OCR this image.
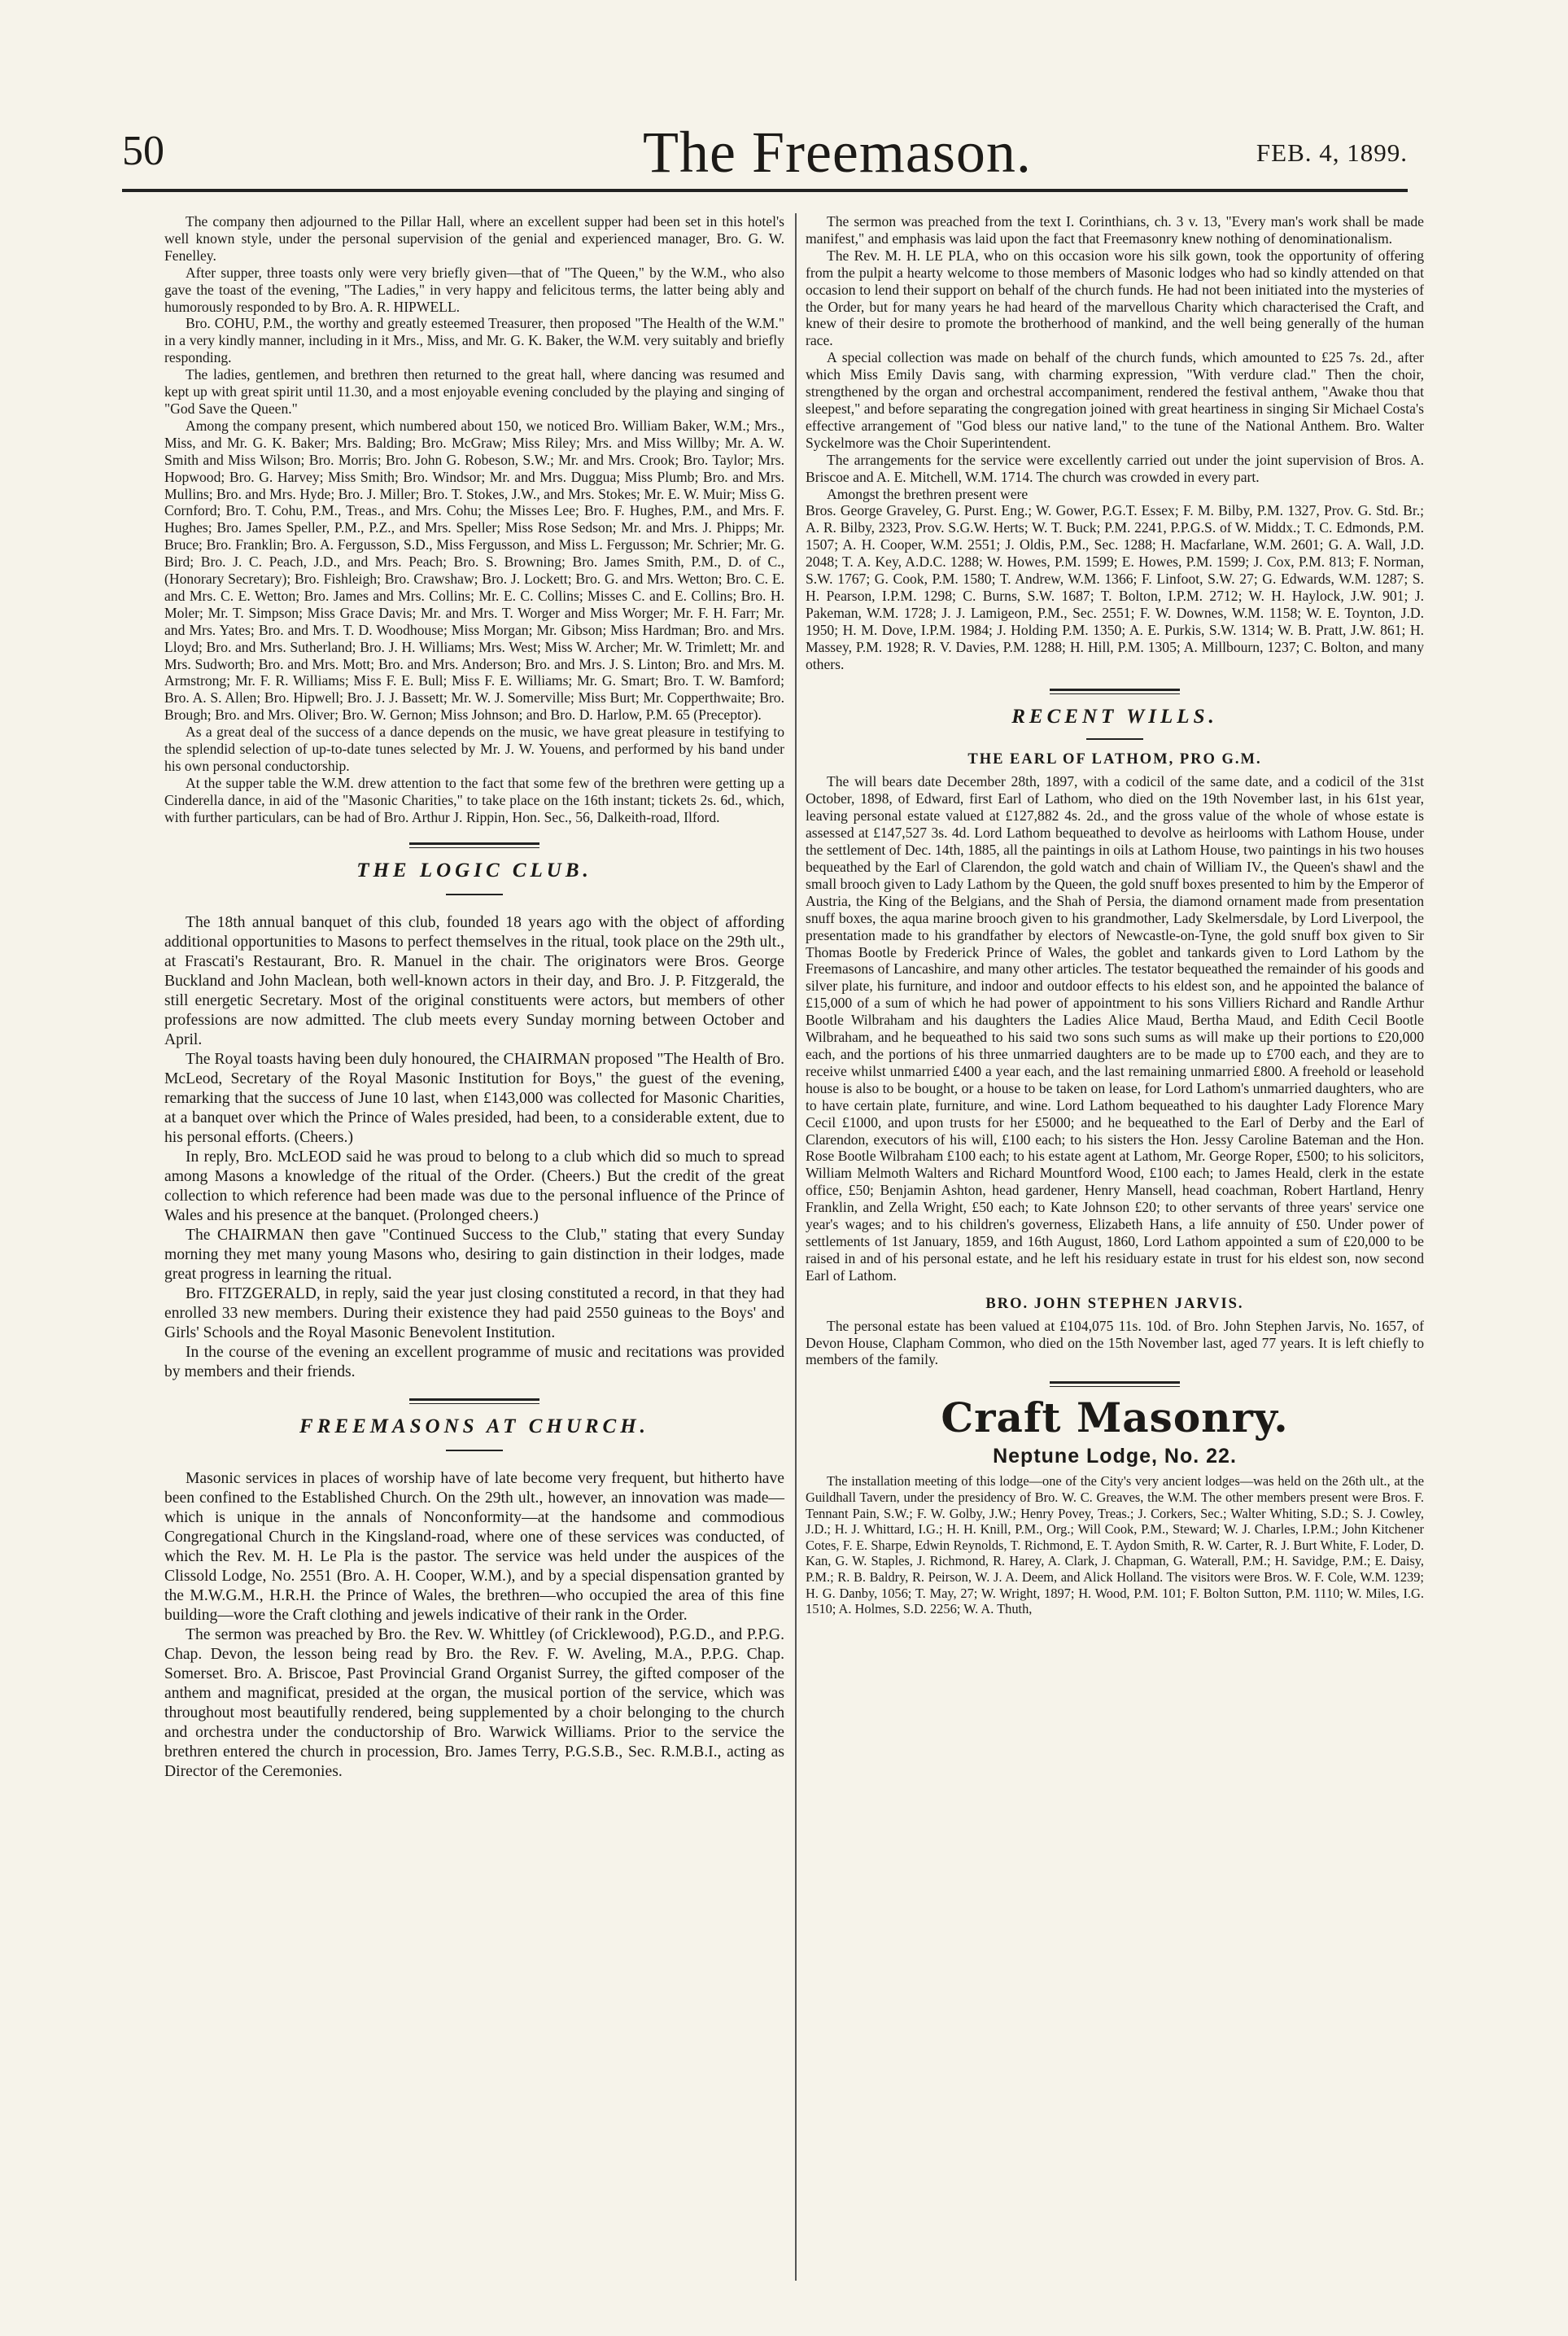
50	The Freemason.	FEB. 4, 1899.

The company then adjourned to the Pillar Hall, where an excellent supper had been set in this hotel's well known style, under the personal supervision of the genial and experienced manager, Bro. G. W. Fenelley.

After supper, three toasts only were very briefly given—that of "The Queen," by the W.M., who also gave the toast of the evening, "The Ladies," in very happy and felicitous terms, the latter being ably and humorously responded to by Bro. A. R. HIPWELL.

Bro. COHU, P.M., the worthy and greatly esteemed Treasurer, then proposed "The Health of the W.M." in a very kindly manner, including in it Mrs., Miss, and Mr. G. K. Baker, the W.M. very suitably and briefly responding.

The ladies, gentlemen, and brethren then returned to the great hall, where dancing was resumed and kept up with great spirit until 11.30, and a most enjoyable evening concluded by the playing and singing of "God Save the Queen."

Among the company present, which numbered about 150, we noticed Bro. William Baker, W.M.; Mrs., Miss, and Mr. G. K. Baker; Mrs. Balding; Bro. McGraw; Miss Riley; Mrs. and Miss Willby; Mr. A. W. Smith and Miss Wilson; Bro. Morris; Bro. John G. Robeson, S.W.; Mr. and Mrs. Crook; Bro. Taylor; Mrs. Hopwood; Bro. G. Harvey; Miss Smith; Bro. Windsor; Mr. and Mrs. Duggua; Miss Plumb; Bro. and Mrs. Mullins; Bro. and Mrs. Hyde; Bro. J. Miller; Bro. T. Stokes, J.W., and Mrs. Stokes; Mr. E. W. Muir; Miss G. Cornford; Bro. T. Cohu, P.M., Treas., and Mrs. Cohu; the Misses Lee; Bro. F. Hughes, P.M., and Mrs. F. Hughes; Bro. James Speller, P.M., P.Z., and Mrs. Speller; Miss Rose Sedson; Mr. and Mrs. J. Phipps; Mr. Bruce; Bro. Franklin; Bro. A. Fergusson, S.D., Miss Fergusson, and Miss L. Fergusson; Mr. Schrier; Mr. G. Bird; Bro. J. C. Peach, J.D., and Mrs. Peach; Bro. S. Browning; Bro. James Smith, P.M., D. of C., (Honorary Secretary); Bro. Fishleigh; Bro. Crawshaw; Bro. J. Lockett; Bro. G. and Mrs. Wetton; Bro. C. E. and Mrs. C. E. Wetton; Bro. James and Mrs. Collins; Mr. E. C. Collins; Misses C. and E. Collins; Bro. H. Moler; Mr. T. Simpson; Miss Grace Davis; Mr. and Mrs. T. Worger and Miss Worger; Mr. F. H. Farr; Mr. and Mrs. Yates; Bro. and Mrs. T. D. Woodhouse; Miss Morgan; Mr. Gibson; Miss Hardman; Bro. and Mrs. Lloyd; Bro. and Mrs. Sutherland; Bro. J. H. Williams; Mrs. West; Miss W. Archer; Mr. W. Trimlett; Mr. and Mrs. Sudworth; Bro. and Mrs. Mott; Bro. and Mrs. Anderson; Bro. and Mrs. J. S. Linton; Bro. and Mrs. M. Armstrong; Mr. F. R. Williams; Miss F. E. Bull; Miss F. E. Williams; Mr. G. Smart; Bro. T. W. Bamford; Bro. A. S. Allen; Bro. Hipwell; Bro. J. J. Bassett; Mr. W. J. Somerville; Miss Burt; Mr. Copperthwaite; Bro. Brough; Bro. and Mrs. Oliver; Bro. W. Gernon; Miss Johnson; and Bro. D. Harlow, P.M. 65 (Preceptor).

As a great deal of the success of a dance depends on the music, we have great pleasure in testifying to the splendid selection of up-to-date tunes selected by Mr. J. W. Youens, and performed by his band under his own personal conductorship.

At the supper table the W.M. drew attention to the fact that some few of the brethren were getting up a Cinderella dance, in aid of the "Masonic Charities," to take place on the 16th instant; tickets 2s. 6d., which, with further particulars, can be had of Bro. Arthur J. Rippin, Hon. Sec., 56, Dalkeith-road, Ilford.

THE LOGIC CLUB.

The 18th annual banquet of this club, founded 18 years ago with the object of affording additional opportunities to Masons to perfect themselves in the ritual, took place on the 29th ult., at Frascati's Restaurant, Bro. R. Manuel in the chair. The originators were Bros. George Buckland and John Maclean, both well-known actors in their day, and Bro. J. P. Fitzgerald, the still energetic Secretary. Most of the original constituents were actors, but members of other professions are now admitted. The club meets every Sunday morning between October and April.

The Royal toasts having been duly honoured, the CHAIRMAN proposed "The Health of Bro. McLeod, Secretary of the Royal Masonic Institution for Boys," the guest of the evening, remarking that the success of June 10 last, when £143,000 was collected for Masonic Charities, at a banquet over which the Prince of Wales presided, had been, to a considerable extent, due to his personal efforts. (Cheers.)

In reply, Bro. McLEOD said he was proud to belong to a club which did so much to spread among Masons a knowledge of the ritual of the Order. (Cheers.) But the credit of the great collection to which reference had been made was due to the personal influence of the Prince of Wales and his presence at the banquet. (Prolonged cheers.)

The CHAIRMAN then gave "Continued Success to the Club," stating that every Sunday morning they met many young Masons who, desiring to gain distinction in their lodges, made great progress in learning the ritual.

Bro. FITZGERALD, in reply, said the year just closing constituted a record, in that they had enrolled 33 new members. During their existence they had paid 2550 guineas to the Boys' and Girls' Schools and the Royal Masonic Benevolent Institution.

In the course of the evening an excellent programme of music and recitations was provided by members and their friends.

FREEMASONS AT CHURCH.

Masonic services in places of worship have of late become very frequent, but hitherto have been confined to the Established Church. On the 29th ult., however, an innovation was made—which is unique in the annals of Nonconformity—at the handsome and commodious Congregational Church in the Kingsland-road, where one of these services was conducted, of which the Rev. M. H. Le Pla is the pastor. The service was held under the auspices of the Clissold Lodge, No. 2551 (Bro. A. H. Cooper, W.M.), and by a special dispensation granted by the M.W.G.M., H.R.H. the Prince of Wales, the brethren—who occupied the area of this fine building—wore the Craft clothing and jewels indicative of their rank in the Order.

The sermon was preached by Bro. the Rev. W. Whittley (of Cricklewood), P.G.D., and P.P.G. Chap. Devon, the lesson being read by Bro. the Rev. F. W. Aveling, M.A., P.P.G. Chap. Somerset. Bro. A. Briscoe, Past Provincial Grand Organist Surrey, the gifted composer of the anthem and magnificat, presided at the organ, the musical portion of the service, which was throughout most beautifully rendered, being supplemented by a choir belonging to the church and orchestra under the conductorship of Bro. Warwick Williams. Prior to the service the brethren entered the church in procession, Bro. James Terry, P.G.S.B., Sec. R.M.B.I., acting as Director of the Ceremonies.

The sermon was preached from the text I. Corinthians, ch. 3 v. 13, "Every man's work shall be made manifest," and emphasis was laid upon the fact that Freemasonry knew nothing of denominationalism.

The Rev. M. H. LE PLA, who on this occasion wore his silk gown, took the opportunity of offering from the pulpit a hearty welcome to those members of Masonic lodges who had so kindly attended on that occasion to lend their support on behalf of the church funds. He had not been initiated into the mysteries of the Order, but for many years he had heard of the marvellous Charity which characterised the Craft, and knew of their desire to promote the brotherhood of mankind, and the well being generally of the human race.

A special collection was made on behalf of the church funds, which amounted to £25 7s. 2d., after which Miss Emily Davis sang, with charming expression, "With verdure clad." Then the choir, strengthened by the organ and orchestral accompaniment, rendered the festival anthem, "Awake thou that sleepest," and before separating the congregation joined with great heartiness in singing Sir Michael Costa's effective arrangement of "God bless our native land," to the tune of the National Anthem. Bro. Walter Syckelmore was the Choir Superintendent.

The arrangements for the service were excellently carried out under the joint supervision of Bros. A. Briscoe and A. E. Mitchell, W.M. 1714. The church was crowded in every part.

Amongst the brethren present were

Bros. George Graveley, G. Purst. Eng.; W. Gower, P.G.T. Essex; F. M. Bilby, P.M. 1327, Prov. G. Std. Br.; A. R. Bilby, 2323, Prov. S.G.W. Herts; W. T. Buck; P.M. 2241, P.P.G.S. of W. Middx.; T. C. Edmonds, P.M. 1507; A. H. Cooper, W.M. 2551; J. Oldis, P.M., Sec. 1288; H. Macfarlane, W.M. 2601; G. A. Wall, J.D. 2048; T. A. Key, A.D.C. 1288; W. Howes, P.M. 1599; E. Howes, P.M. 1599; J. Cox, P.M. 813; F. Norman, S.W. 1767; G. Cook, P.M. 1580; T. Andrew, W.M. 1366; F. Linfoot, S.W. 27; G. Edwards, W.M. 1287; S. H. Pearson, I.P.M. 1298; C. Burns, S.W. 1687; T. Bolton, I.P.M. 2712; W. H. Haylock, J.W. 901; J. Pakeman, W.M. 1728; J. J. Lamigeon, P.M., Sec. 2551; F. W. Downes, W.M. 1158; W. E. Toynton, J.D. 1950; H. M. Dove, I.P.M. 1984; J. Holding P.M. 1350; A. E. Purkis, S.W. 1314; W. B. Pratt, J.W. 861; H. Massey, P.M. 1928; R. V. Davies, P.M. 1288; H. Hill, P.M. 1305; A. Millbourn, 1237; C. Bolton, and many others.

RECENT WILLS.
THE EARL OF LATHOM, PRO G.M.

The will bears date December 28th, 1897, with a codicil of the same date, and a codicil of the 31st October, 1898, of Edward, first Earl of Lathom, who died on the 19th November last, in his 61st year, leaving personal estate valued at £127,882 4s. 2d., and the gross value of the whole of whose estate is assessed at £147,527 3s. 4d. Lord Lathom bequeathed to devolve as heirlooms with Lathom House, under the settlement of Dec. 14th, 1885, all the paintings in oils at Lathom House, two paintings in his two houses bequeathed by the Earl of Clarendon, the gold watch and chain of William IV., the Queen's shawl and the small brooch given to Lady Lathom by the Queen, the gold snuff boxes presented to him by the Emperor of Austria, the King of the Belgians, and the Shah of Persia, the diamond ornament made from presentation snuff boxes, the aqua marine brooch given to his grandmother, Lady Skelmersdale, by Lord Liverpool, the presentation made to his grandfather by electors of Newcastle-on-Tyne, the gold snuff box given to Sir Thomas Bootle by Frederick Prince of Wales, the goblet and tankards given to Lord Lathom by the Freemasons of Lancashire, and many other articles. The testator bequeathed the remainder of his goods and silver plate, his furniture, and indoor and outdoor effects to his eldest son, and he appointed the balance of £15,000 of a sum of which he had power of appointment to his sons Villiers Richard and Randle Arthur Bootle Wilbraham and his daughters the Ladies Alice Maud, Bertha Maud, and Edith Cecil Bootle Wilbraham, and he bequeathed to his said two sons such sums as will make up their portions to £20,000 each, and the portions of his three unmarried daughters are to be made up to £700 each, and they are to receive whilst unmarried £400 a year each, and the last remaining unmarried £800. A freehold or leasehold house is also to be bought, or a house to be taken on lease, for Lord Lathom's unmarried daughters, who are to have certain plate, furniture, and wine. Lord Lathom bequeathed to his daughter Lady Florence Mary Cecil £1000, and upon trusts for her £5000; and he bequeathed to the Earl of Derby and the Earl of Clarendon, executors of his will, £100 each; to his sisters the Hon. Jessy Caroline Bateman and the Hon. Rose Bootle Wilbraham £100 each; to his estate agent at Lathom, Mr. George Roper, £500; to his solicitors, William Melmoth Walters and Richard Mountford Wood, £100 each; to James Heald, clerk in the estate office, £50; Benjamin Ashton, head gardener, Henry Mansell, head coachman, Robert Hartland, Henry Franklin, and Zella Wright, £50 each; to Kate Johnson £20; to other servants of three years' service one year's wages; and to his children's governess, Elizabeth Hans, a life annuity of £50. Under power of settlements of 1st January, 1859, and 16th August, 1860, Lord Lathom appointed a sum of £20,000 to be raised in and of his personal estate, and he left his residuary estate in trust for his eldest son, now second Earl of Lathom.

BRO. JOHN STEPHEN JARVIS.

The personal estate has been valued at £104,075 11s. 10d. of Bro. John Stephen Jarvis, No. 1657, of Devon House, Clapham Common, who died on the 15th November last, aged 77 years. It is left chiefly to members of the family.

Craft Masonry.
Neptune Lodge, No. 22.

The installation meeting of this lodge—one of the City's very ancient lodges—was held on the 26th ult., at the Guildhall Tavern, under the presidency of Bro. W. C. Greaves, the W.M. The other members present were Bros. F. Tennant Pain, S.W.; F. W. Golby, J.W.; Henry Povey, Treas.; J. Corkers, Sec.; Walter Whiting, S.D.; S. J. Cowley, J.D.; H. J. Whittard, I.G.; H. H. Knill, P.M., Org.; Will Cook, P.M., Steward; W. J. Charles, I.P.M.; John Kitchener Cotes, F. E. Sharpe, Edwin Reynolds, T. Richmond, E. T. Aydon Smith, R. W. Carter, R. J. Burt White, F. Loder, D. Kan, G. W. Staples, J. Richmond, R. Harey, A. Clark, J. Chapman, G. Waterall, P.M.; H. Savidge, P.M.; E. Daisy, P.M.; R. B. Baldry, R. Peirson, W. J. A. Deem, and Alick Holland. The visitors were Bros. W. F. Cole, W.M. 1239; H. G. Danby, 1056; T. May, 27; W. Wright, 1897; H. Wood, P.M. 101; F. Bolton Sutton, P.M. 1110; W. Miles, I.G. 1510; A. Holmes, S.D. 2256; W. A. Thuth,
